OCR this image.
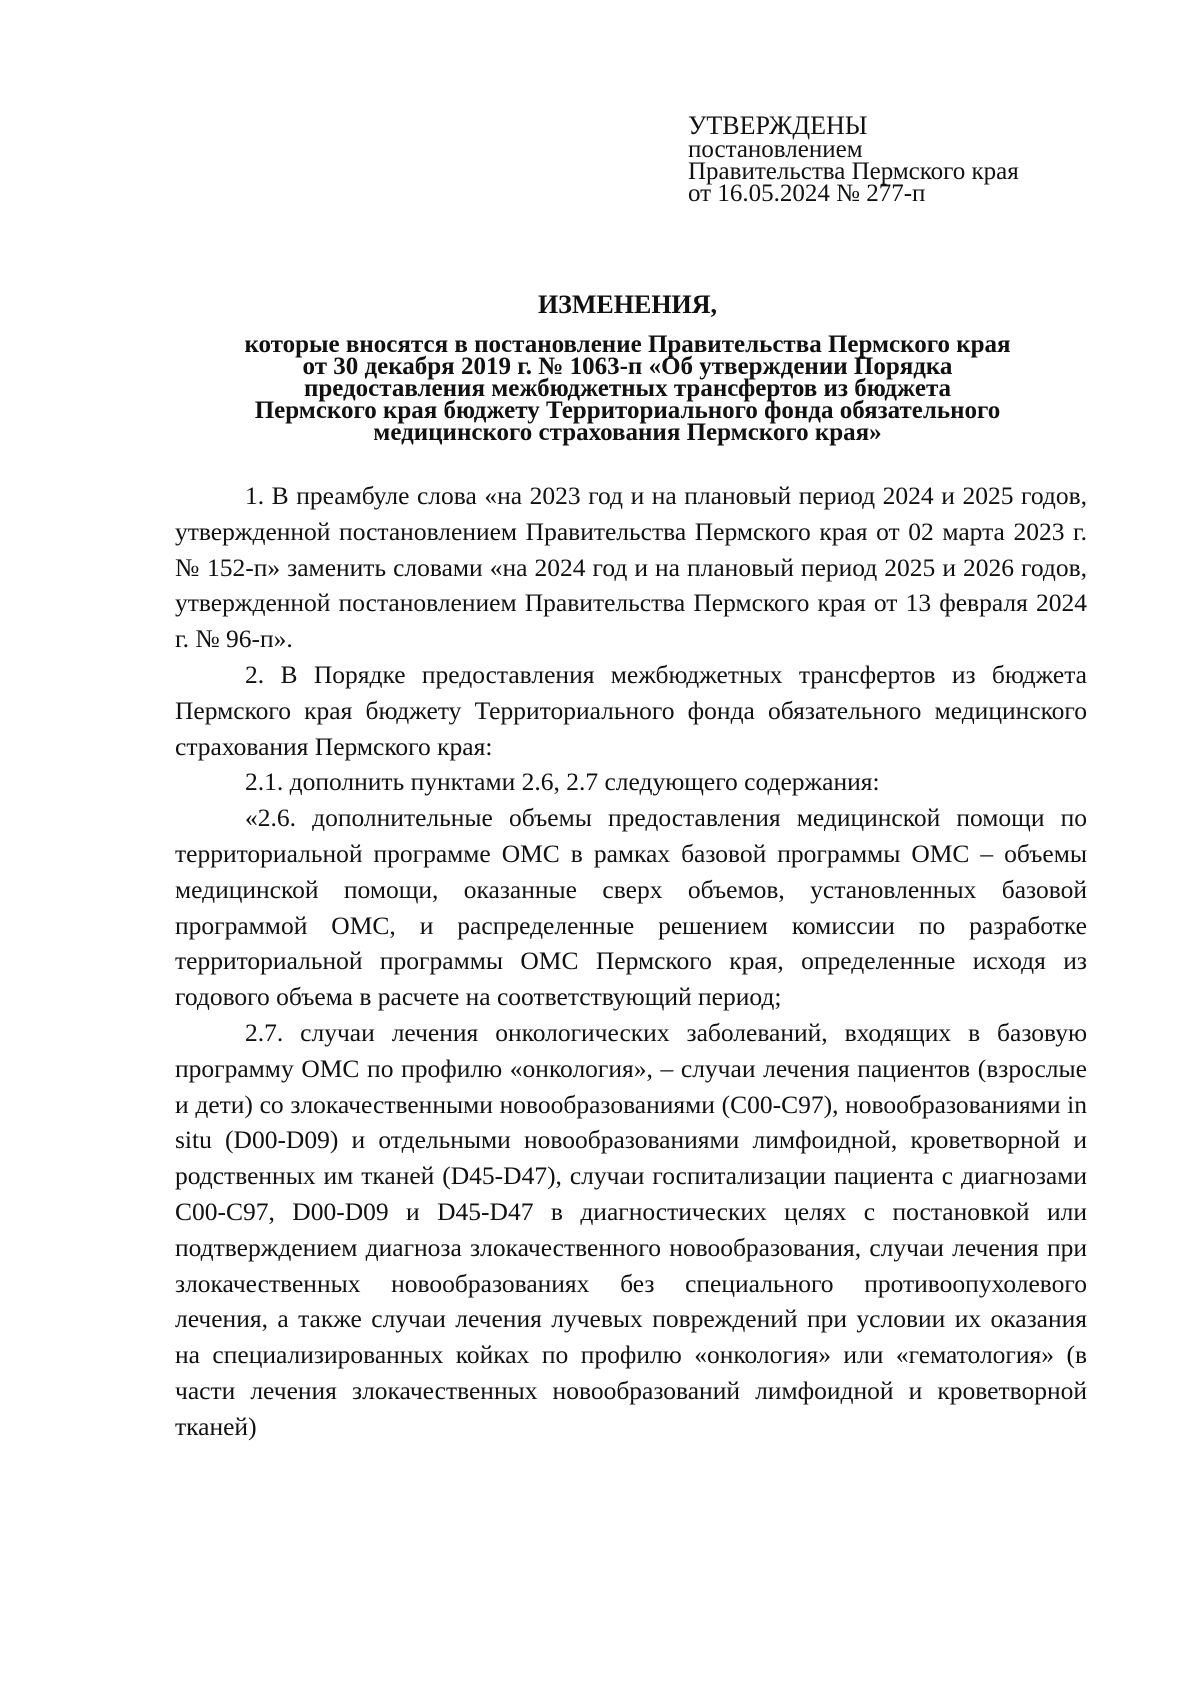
УТВЕРЖДЕНЫ
постановлением
Правительства Пермского края
от 16.05.2024 № 277-п
ИЗМЕНЕНИЯ,
которые вносятся в постановление Правительства Пермского края
от 30 декабря 2019 г. № 1063-п «Об утверждении Порядка
предоставления межбюджетных трансфертов из бюджета
Пермского края бюджету Территориального фонда обязательного
медицинского страхования Пермского края»

1. В преамбуле слова «на 2023 год и на плановый период 2024 и 2025 годов, утвержденной постановлением Правительства Пермского края от 02 марта 2023 г. № 152-п» заменить словами «на 2024 год и на плановый период 2025 и 2026 годов, утвержденной постановлением Правительства Пермского края от 13 февраля 2024 г. № 96-п».

2. В Порядке предоставления межбюджетных трансфертов из бюджета Пермского края бюджету Территориального фонда обязательного медицинского страхования Пермского края:

2.1. дополнить пунктами 2.6, 2.7 следующего содержания:

«2.6. дополнительные объемы предоставления медицинской помощи по территориальной программе ОМС в рамках базовой программы ОМС – объемы медицинской помощи, оказанные сверх объемов, установленных базовой программой ОМС, и распределенные решением комиссии по разработке территориальной программы ОМС Пермского края, определенные исходя из годового объема в расчете на соответствующий период;

2.7. случаи лечения онкологических заболеваний, входящих в базовую программу ОМС по профилю «онкология», – случаи лечения пациентов (взрослые и дети) со злокачественными новообразованиями (С00-С97), новообразованиями in situ (D00-D09) и отдельными новообразованиями лимфоидной, кроветворной и родственных им тканей (D45-D47), случаи госпитализации пациента с диагнозами С00-С97, D00-D09 и D45-D47 в диагностических целях с постановкой или подтверждением диагноза злокачественного новообразования, случаи лечения при злокачественных новообразованиях без специального противоопухолевого лечения, а также случаи лечения лучевых повреждений при условии их оказания на специализированных койках по профилю «онкология» или «гематология» (в части лечения злокачественных новообразований лимфоидной и кроветворной тканей)
